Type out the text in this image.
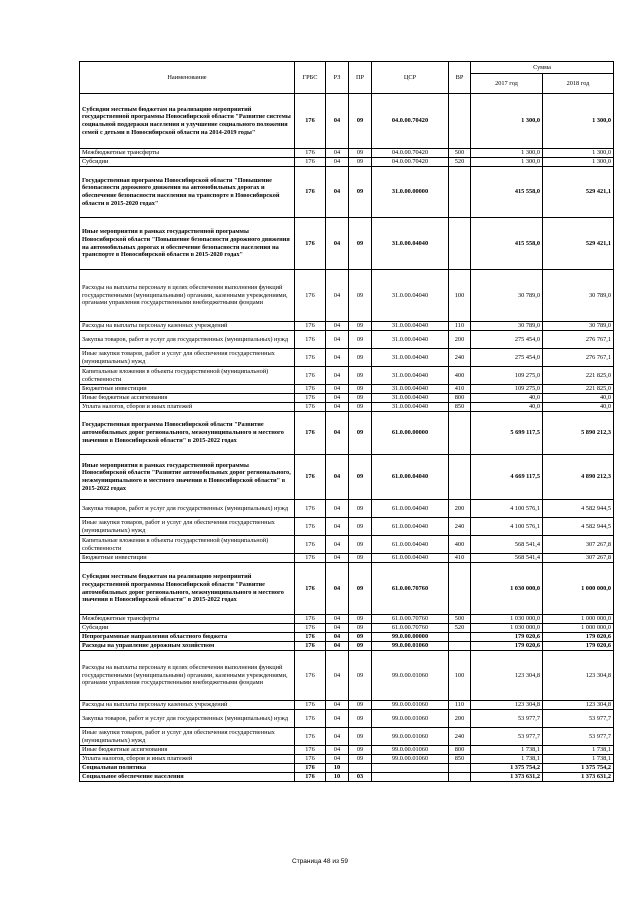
Наименование	ГРБС	РЗ	ПР	ЦСР	ВР	Сумма	
						2017 год	2018 год
Субсидии местным бюджетам на реализацию мероприятий государственной программы Новосибирской области "Развитие системы социальной поддержки населения и улучшение социального положения семей с детьми в Новосибирской области на 2014-2019 годы"	176	04	09	04.0.00.70420		1 300,0	1 300,0
Межбюджетные трансферты	176	04	09	04.0.00.70420	500	1 300,0	1 300,0
Субсидии	176	04	09	04.0.00.70420	520	1 300,0	1 300,0
Государственная программа Новосибирской области "Повышение безопасности дорожного движения на автомобильных дорогах и обеспечение безопасности населения на транспорте в Новосибирской области в 2015-2020 годах"	176	04	09	31.0.00.00000		415 558,0	529 421,1
Иные мероприятия в рамках государственной программы Новосибирской области "Повышение безопасности дорожного движения на автомобильных дорогах и обеспечение безопасности населения на транспорте в Новосибирской области в 2015-2020 годах"	176	04	09	31.0.00.04040		415 558,0	529 421,1
Расходы на выплаты персоналу в целях обеспечения выполнения функций государственными (муниципальными) органами, казенными учреждениями, органами управления государственными внебюджетными фондами	176	04	09	31.0.00.04040	100	30 789,0	30 789,0
Расходы на выплаты персоналу казенных учреждений	176	04	09	31.0.00.04040	110	30 789,0	30 789,0
Закупка товаров, работ и услуг для государственных (муниципальных) нужд	176	04	09	31.0.00.04040	200	275 454,0	276 767,1
Иные закупки товаров, работ и услуг для обеспечения государственных (муниципальных) нужд	176	04	09	31.0.00.04040	240	275 454,0	276 767,1
Капитальные вложения в объекты государственной (муниципальной) собственности	176	04	09	31.0.00.04040	400	109 275,0	221 825,0
Бюджетные инвестиции	176	04	09	31.0.00.04040	410	109 275,0	221 825,0
Иные бюджетные ассигнования	176	04	09	31.0.00.04040	800	40,0	40,0
Уплата налогов, сборов и иных платежей	176	04	09	31.0.00.04040	850	40,0	40,0
Государственная программа Новосибирской области "Развитие автомобильных дорог регионального, межмуниципального и местного значения в Новосибирской области" в 2015-2022 годах	176	04	09	61.0.00.00000		5 699 117,5	5 890 212,3
Иные мероприятия в рамках государственной программы Новосибирской области "Развитие автомобильных дорог регионального, межмуниципального и местного значения в Новосибирской области" в 2015-2022 годах	176	04	09	61.0.00.04040		4 669 117,5	4 890 212,3
Закупка товаров, работ и услуг для государственных (муниципальных) нужд	176	04	09	61.0.00.04040	200	4 100 576,1	4 582 944,5
Иные закупки товаров, работ и услуг для обеспечения государственных (муниципальных) нужд	176	04	09	61.0.00.04040	240	4 100 576,1	4 582 944,5
Капитальные вложения в объекты государственной (муниципальной) собственности	176	04	09	61.0.00.04040	400	568 541,4	307 267,8
Бюджетные инвестиции	176	04	09	61.0.00.04040	410	568 541,4	307 267,8
Субсидии местным бюджетам на реализацию мероприятий государственной программы Новосибирской области "Развитие автомобильных дорог регионального, межмуниципального и местного значения в Новосибирской области" в 2015-2022 годах	176	04	09	61.0.00.70760		1 030 000,0	1 000 000,0
Межбюджетные трансферты	176	04	09	61.0.00.70760	500	1 030 000,0	1 000 000,0
Субсидии	176	04	09	61.0.00.70760	520	1 030 000,0	1 000 000,0
Непрограммные направления областного бюджета	176	04	09	99.0.00.00000		179 020,6	179 020,6
Расходы на управление дорожным хозяйством	176	04	09	99.0.00.01060		179 020,6	179 020,6
Расходы на выплаты персоналу в целях обеспечения выполнения функций государственными (муниципальными) органами, казенными учреждениями, органами управления государственными внебюджетными фондами	176	04	09	99.0.00.01060	100	123 304,8	123 304,8
Расходы на выплаты персоналу казенных учреждений	176	04	09	99.0.00.01060	110	123 304,8	123 304,8
Закупка товаров, работ и услуг для государственных (муниципальных) нужд	176	04	09	99.0.00.01060	200	53 977,7	53 977,7
Иные закупки товаров, работ и услуг для обеспечения государственных (муниципальных) нужд	176	04	09	99.0.00.01060	240	53 977,7	53 977,7
Иные бюджетные ассигнования	176	04	09	99.0.00.01060	800	1 738,1	1 738,1
Уплата налогов, сборов и иных платежей	176	04	09	99.0.00.01060	850	1 738,1	1 738,1
Социальная политика	176	10				1 375 754,2	1 375 754,2
Социальное обеспечение населения	176	10	03			1 373 631,2	1 373 631,2
Страница 48 из 59
